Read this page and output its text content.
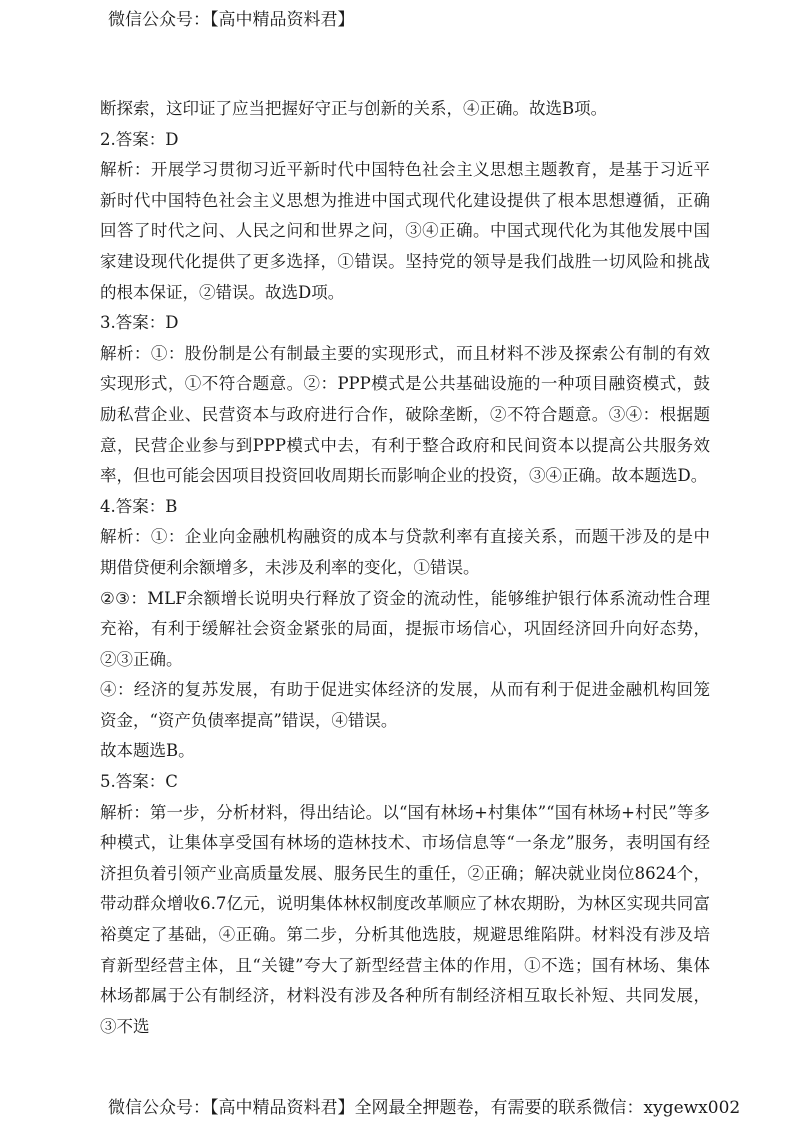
微信公众号：【高中精品资料君】

断探索，这印证了应当把握好守正与创新的关系，④正确。故选B项。

2.答案：D

解析：开展学习贯彻习近平新时代中国特色社会主义思想主题教育，是基于习近平新时代中国特色社会主义思想为推进中国式现代化建设提供了根本思想遵循，正确回答了时代之问、人民之问和世界之问，③④正确。中国式现代化为其他发展中国家建设现代化提供了更多选择，①错误。坚持党的领导是我们战胜一切风险和挑战的根本保证，②错误。故选D项。

3.答案：D

解析：①：股份制是公有制最主要的实现形式，而且材料不涉及探索公有制的有效实现形式，①不符合题意。②：PPP模式是公共基础设施的一种项目融资模式，鼓励私营企业、民营资本与政府进行合作，破除垄断，②不符合题意。③④：根据题意，民营企业参与到PPP模式中去，有利于整合政府和民间资本以提高公共服务效率，但也可能会因项目投资回收周期长而影响企业的投资，③④正确。故本题选D。

4.答案：B

解析：①：企业向金融机构融资的成本与贷款利率有直接关系，而题干涉及的是中期借贷便利余额增多，未涉及利率的变化，①错误。

②③：MLF余额增长说明央行释放了资金的流动性，能够维护银行体系流动性合理充裕，有利于缓解社会资金紧张的局面，提振市场信心，巩固经济回升向好态势，②③正确。

④：经济的复苏发展，有助于促进实体经济的发展，从而有利于促进金融机构回笼资金，“资产负债率提高”错误，④错误。

故本题选B。

5.答案：C

解析：第一步，分析材料，得出结论。以“国有林场+村集体”“国有林场+村民”等多种模式，让集体享受国有林场的造林技术、市场信息等“一条龙”服务，表明国有经济担负着引领产业高质量发展、服务民生的重任，②正确；解决就业岗位8624个，带动群众增收6.7亿元，说明集体林权制度改革顺应了林农期盼，为林区实现共同富裕奠定了基础，④正确。第二步，分析其他选肢，规避思维陷阱。材料没有涉及培育新型经营主体，且“关键”夸大了新型经营主体的作用，①不选；国有林场、集体林场都属于公有制经济，材料没有涉及各种所有制经济相互取长补短、共同发展，③不选

微信公众号：【高中精品资料君】全网最全押题卷，有需要的联系微信：xygewx002
